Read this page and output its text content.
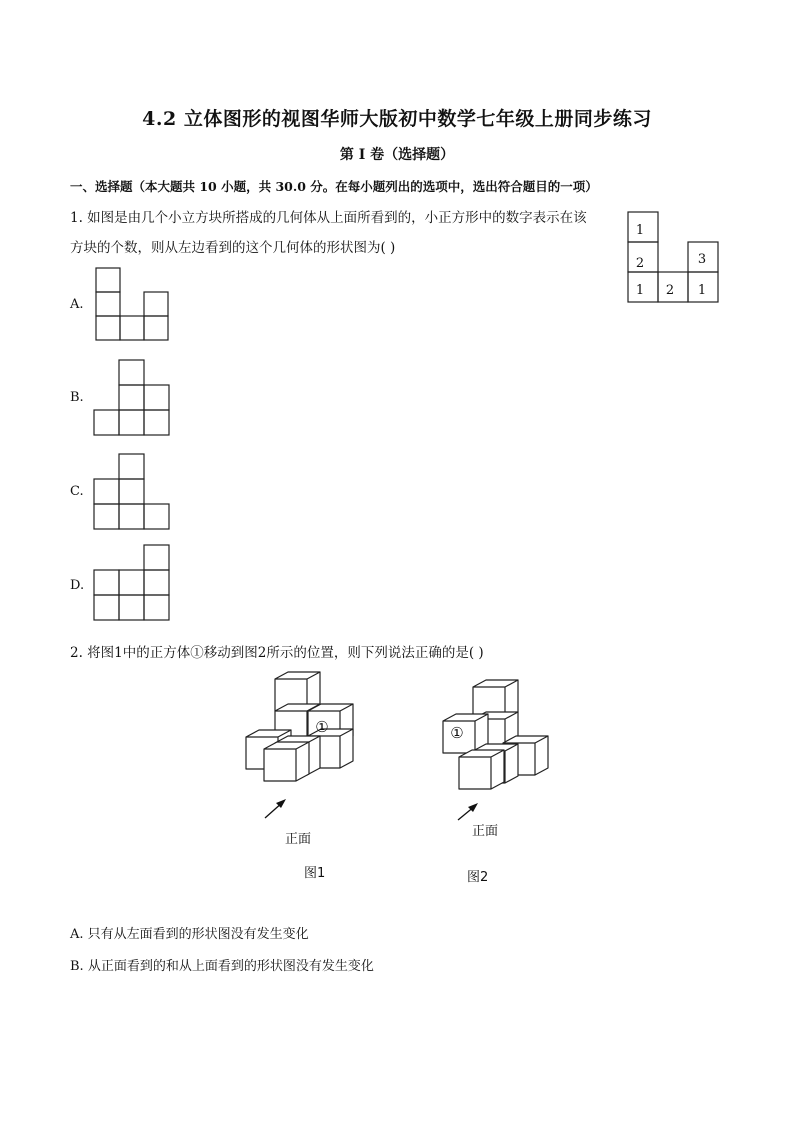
4.2 立体图形的视图华师大版初中数学七年级上册同步练习
第 I 卷（选择题）
一、选择题（本大题共 10 小题，共 30.0 分。在每小题列出的选项中，选出符合题目的一项）
1. 如图是由几个小立方块所搭成的几何体从上面所看到的，小正方形中的数字表示在该
方块的个数，则从左边看到的这个几何体的形状图为( )
1
2	3
1 2 1
A.
B.
C.
D.
2. 将图1中的正方体①移动到图2所示的位置，则下列说法正确的是( )
①
正面
图1
①
正面
图2
A. 只有从左面看到的形状图没有发生变化
B. 从正面看到的和从上面看到的形状图没有发生变化
